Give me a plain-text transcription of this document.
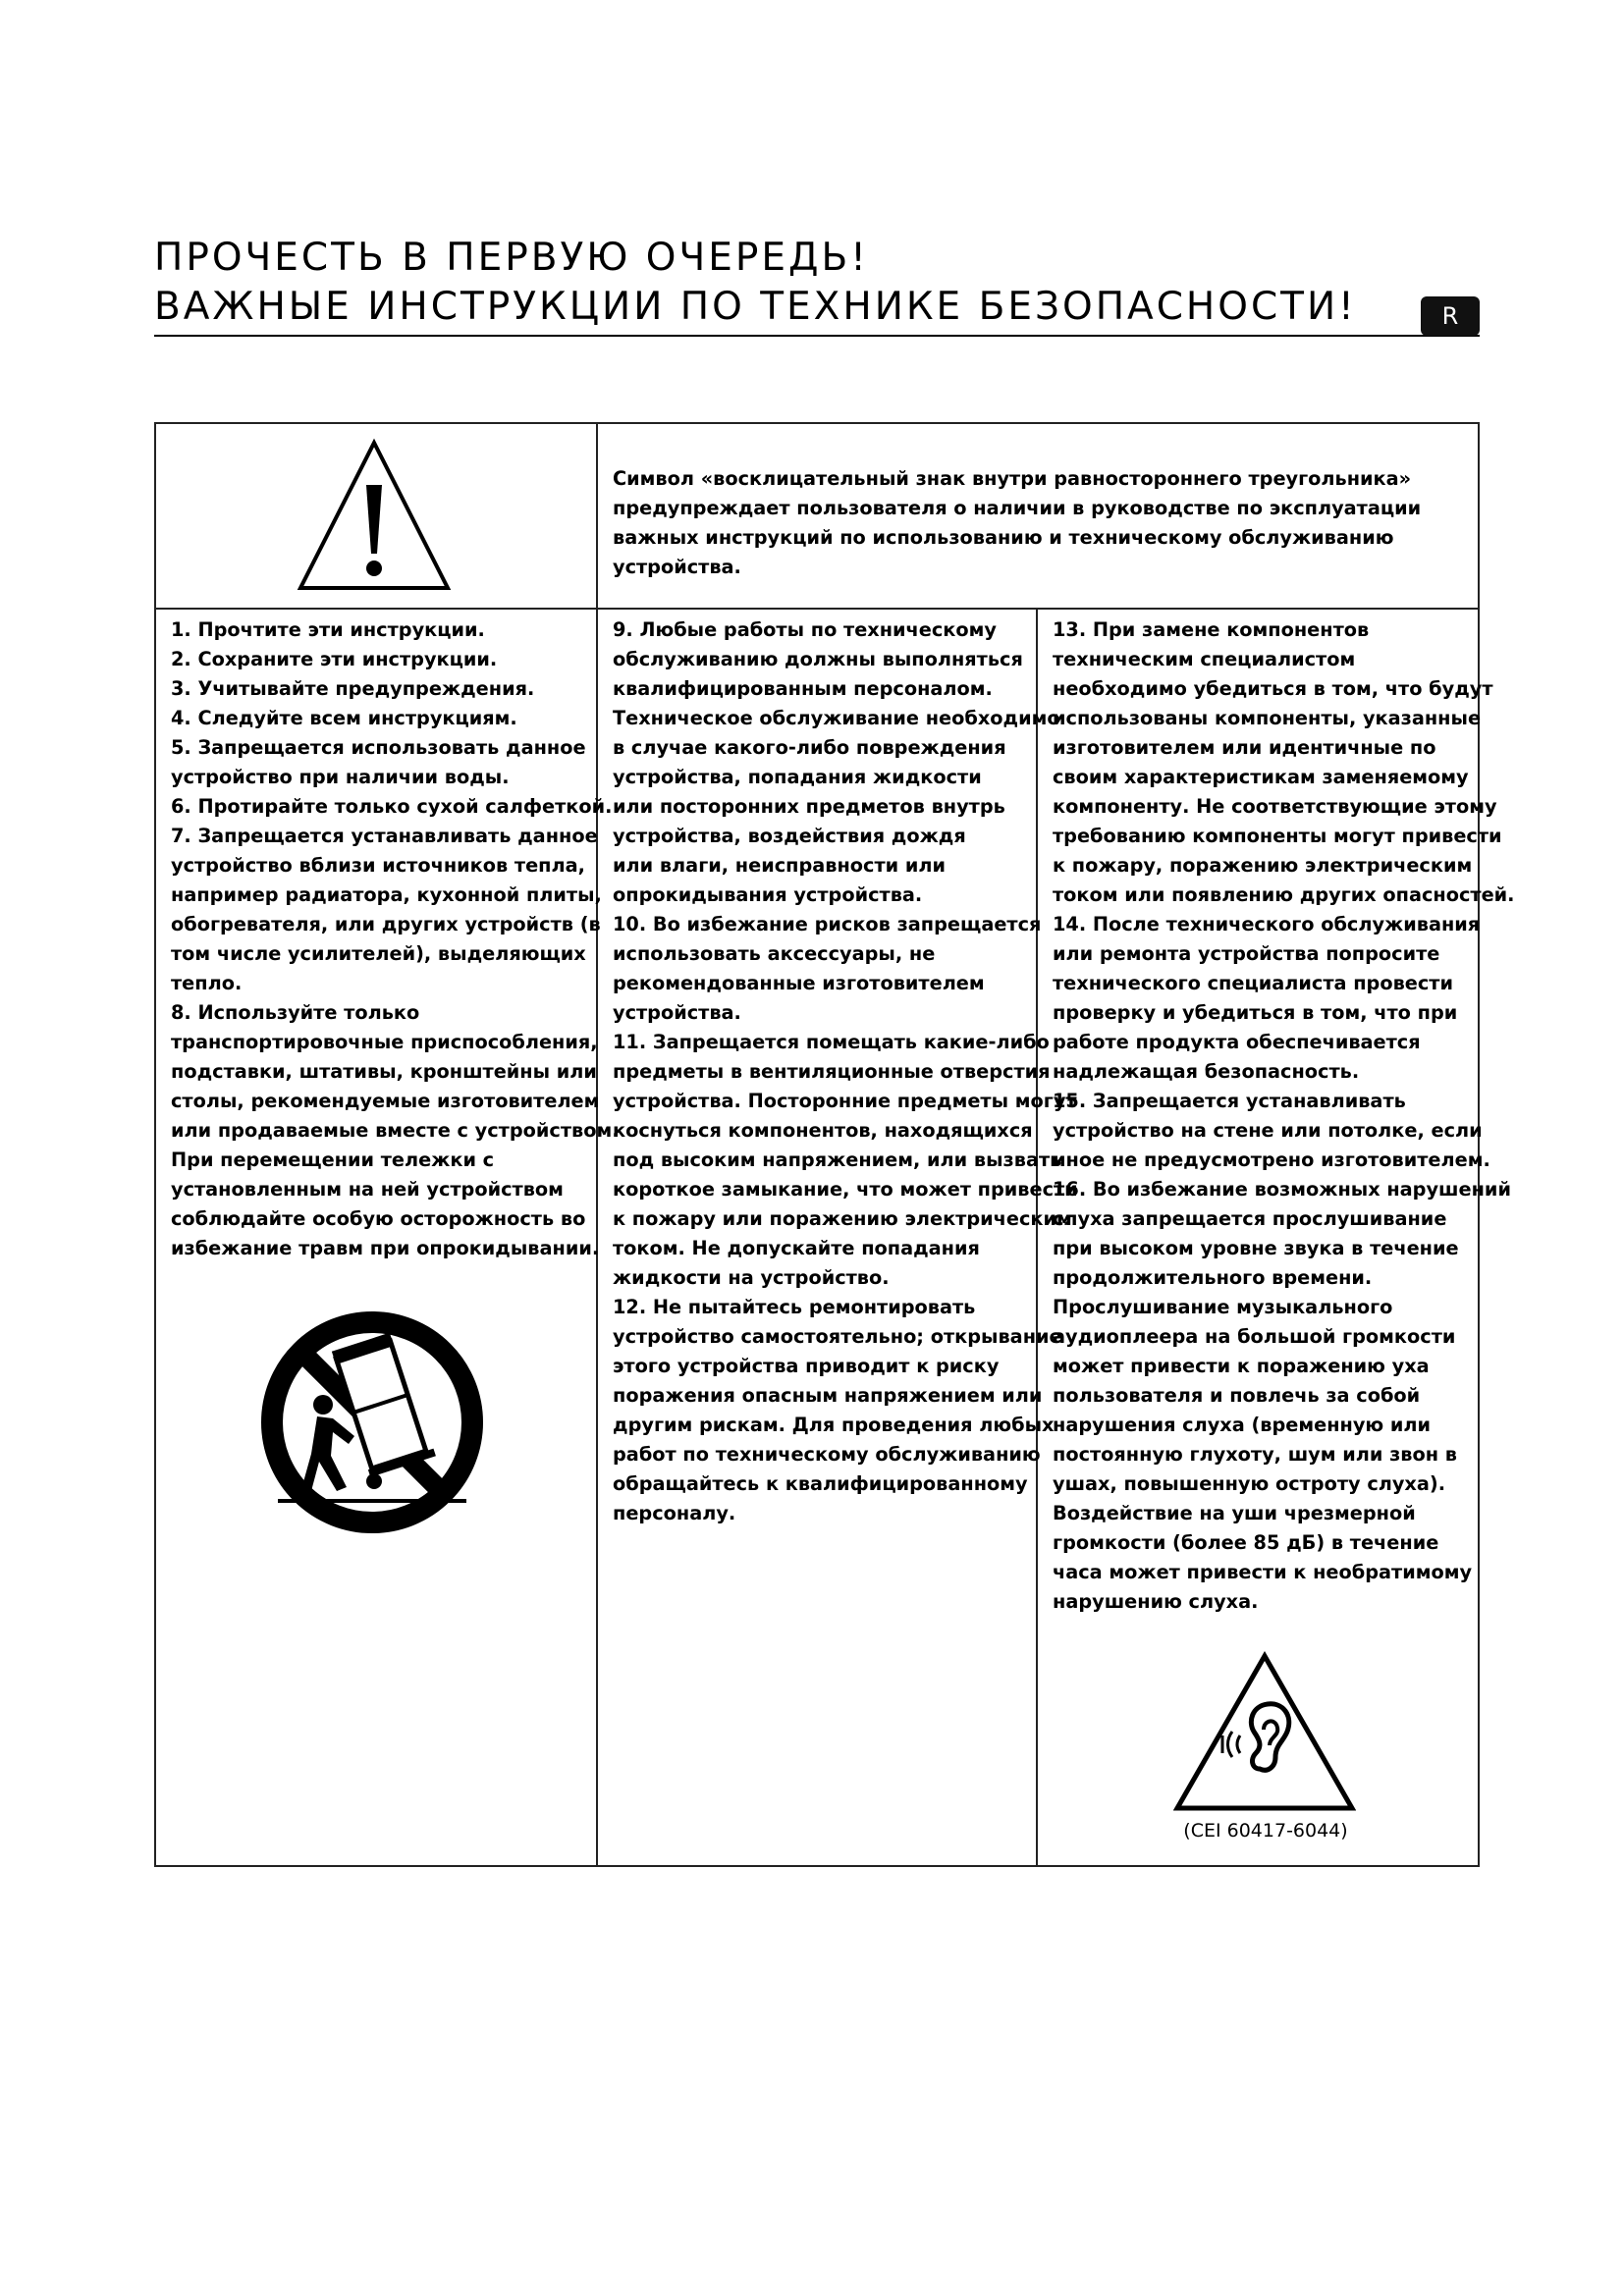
ПРОЧЕСТЬ В ПЕРВУЮ ОЧЕРЕДЬ!
ВАЖНЫЕ ИНСТРУКЦИИ ПО ТЕХНИКЕ БЕЗОПАСНОСТИ!	R

Символ «восклицательный знак внутри равностороннего треугольника» предупреждает пользователя о наличии в руководстве по эксплуатации важных инструкций по использованию и техническому обслуживанию устройства.

1. Прочтите эти инструкции.
2. Сохраните эти инструкции.
3. Учитывайте предупреждения.
4. Следуйте всем инструкциям.
5. Запрещается использовать данное
устройство при наличии воды.
6. Протирайте только сухой салфеткой.
7. Запрещается устанавливать данное
устройство вблизи источников тепла,
например радиатора, кухонной плиты,
обогревателя, или других устройств (в
том числе усилителей), выделяющих
тепло.
8. Используйте только
транспортировочные приспособления,
подставки, штативы, кронштейны или
столы, рекомендуемые изготовителем
или продаваемые вместе с устройством.
При перемещении тележки с
установленным на ней устройством
соблюдайте особую осторожность во
избежание травм при опрокидывании.
9. Любые работы по техническому
обслуживанию должны выполняться
квалифицированным персоналом.
Техническое обслуживание необходимо
в случае какого-либо повреждения
устройства, попадания жидкости
или посторонних предметов внутрь
устройства, воздействия дождя
или влаги, неисправности или
опрокидывания устройства.
10. Во избежание рисков запрещается
использовать аксессуары, не
рекомендованные изготовителем
устройства.
11. Запрещается помещать какие-либо
предметы в вентиляционные отверстия
устройства. Посторонние предметы могут
коснуться компонентов, находящихся
под высоким напряжением, или вызвать
короткое замыкание, что может привести
к пожару или поражению электрическим
током. Не допускайте попадания
жидкости на устройство.
12. Не пытайтесь ремонтировать
устройство самостоятельно; открывание
этого устройства приводит к риску
поражения опасным напряжением или
другим рискам. Для проведения любых
работ по техническому обслуживанию
обращайтесь к квалифицированному
персоналу.
13. При замене компонентов
техническим специалистом
необходимо убедиться в том, что будут
использованы компоненты, указанные
изготовителем или идентичные по
своим характеристикам заменяемому
компоненту. Не соответствующие этому
требованию компоненты могут привести
к пожару, поражению электрическим
током или появлению других опасностей.
14. После технического обслуживания
или ремонта устройства попросите
технического специалиста провести
проверку и убедиться в том, что при
работе продукта обеспечивается
надлежащая безопасность.
15. Запрещается устанавливать
устройство на стене или потолке, если
иное не предусмотрено изготовителем.
16. Во избежание возможных нарушений
слуха запрещается прослушивание
при высоком уровне звука в течение
продолжительного времени.
Прослушивание музыкального
аудиоплеера на большой громкости
может привести к поражению уха
пользователя и повлечь за собой
нарушения слуха (временную или
постоянную глухоту, шум или звон в
ушах, повышенную остроту слуха).
Воздействие на уши чрезмерной
громкости (более 85 дБ) в течение
часа может привести к необратимому
нарушению слуха.
(CEI 60417-6044)
